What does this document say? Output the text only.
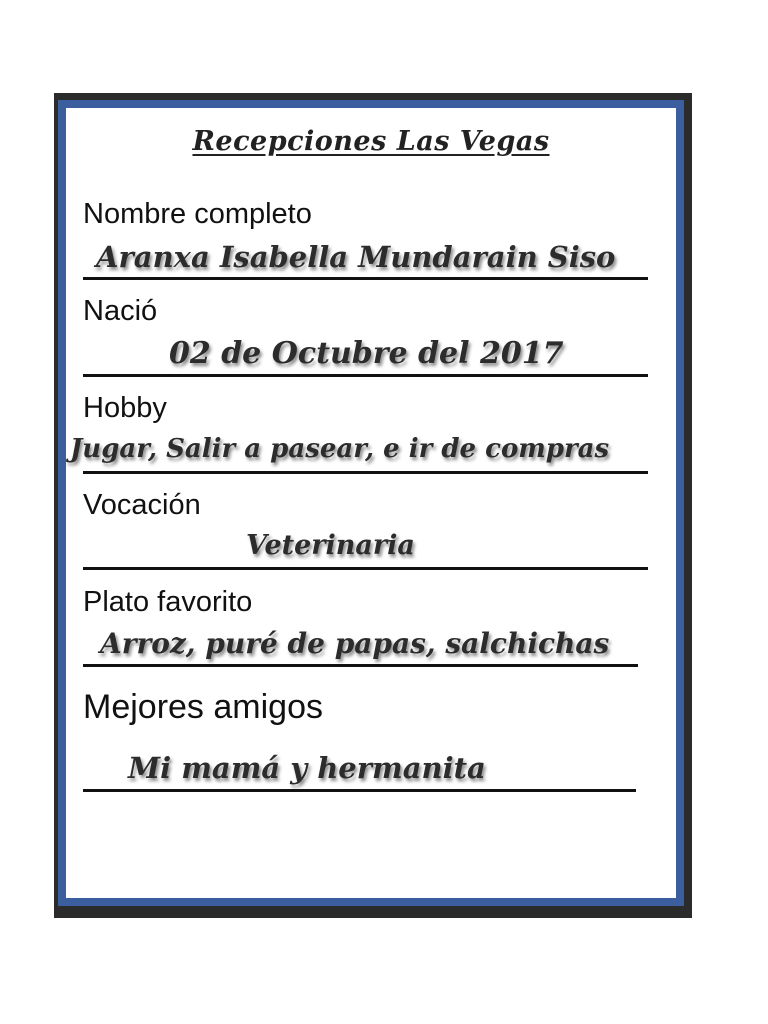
Recepciones Las Vegas
Nombre completo
Aranxa Isabella Mundarain Siso
Nació
02 de Octubre del 2017
Hobby
Jugar, Salir a pasear, e ir de compras
Vocación
Veterinaria
Plato favorito
Arroz, puré de papas, salchichas
Mejores amigos
Mi mamá y hermanita
